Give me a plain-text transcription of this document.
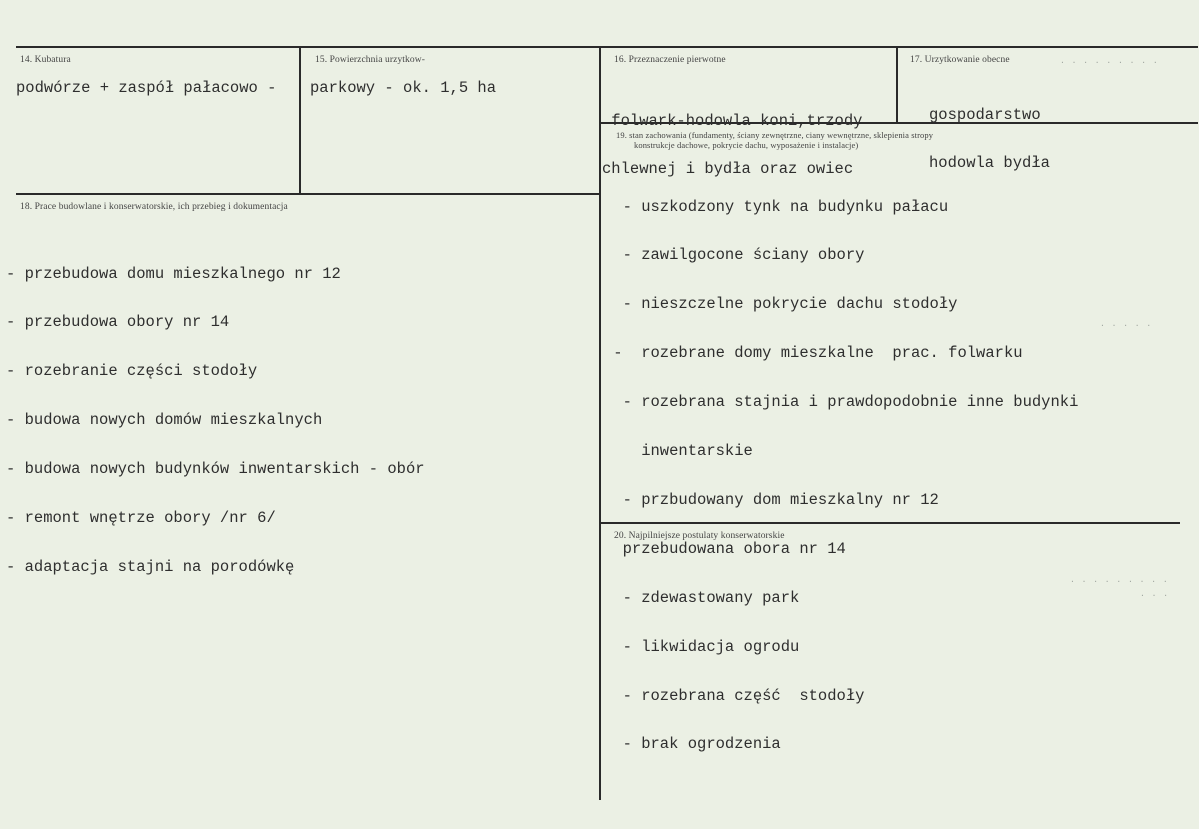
14. Kubatura
podwórze + zaspół pałacowo -
15. Powierzchnia urzytkow-
parkowy - ok. 1,5 ha
16. Przeznaczenie pierwotne

folwark-hodowla koni,trzody

chlewnej i bydła oraz owiec

17. Urzytkowanie obecne	. . . . . . . . .

gospodarstwo

hodowla bydła

18. Prace budowlane i konserwatorskie, ich przebieg i dokumentacja

- przebudowa domu mieszkalnego nr 12

- przebudowa obory nr 14

- rozebranie części stodoły

- budowa nowych domów mieszkalnych

- budowa nowych budynków inwentarskich - obór

- remont wnętrze obory /nr 6/

- adaptacja stajni na porodówkę

19. stan zachowania (fundamenty, ściany zewnętrzne, ciany wewnętrzne, sklepienia stropy
konstrukcje dachowe, pokrycie dachu, wyposażenie i instalacje)

- uszkodzony tynk na budynku pałacu

- zawilgocone ściany obory

- nieszczelne pokrycie dachu stodoły

-  rozebrane domy mieszkalne  prac. folwarku

- rozebrana stajnia i prawdopodobnie inne budynki

inwentarskie

- przbudowany dom mieszkalny nr 12

przebudowana obora nr 14

- zdewastowany park

- likwidacja ogrodu

- rozebrana część  stodoły

- brak ogrodzenia

20. Najpilniejsze postulaty konserwatorskie
. . . . .
. . . . . . . . .
. . .
